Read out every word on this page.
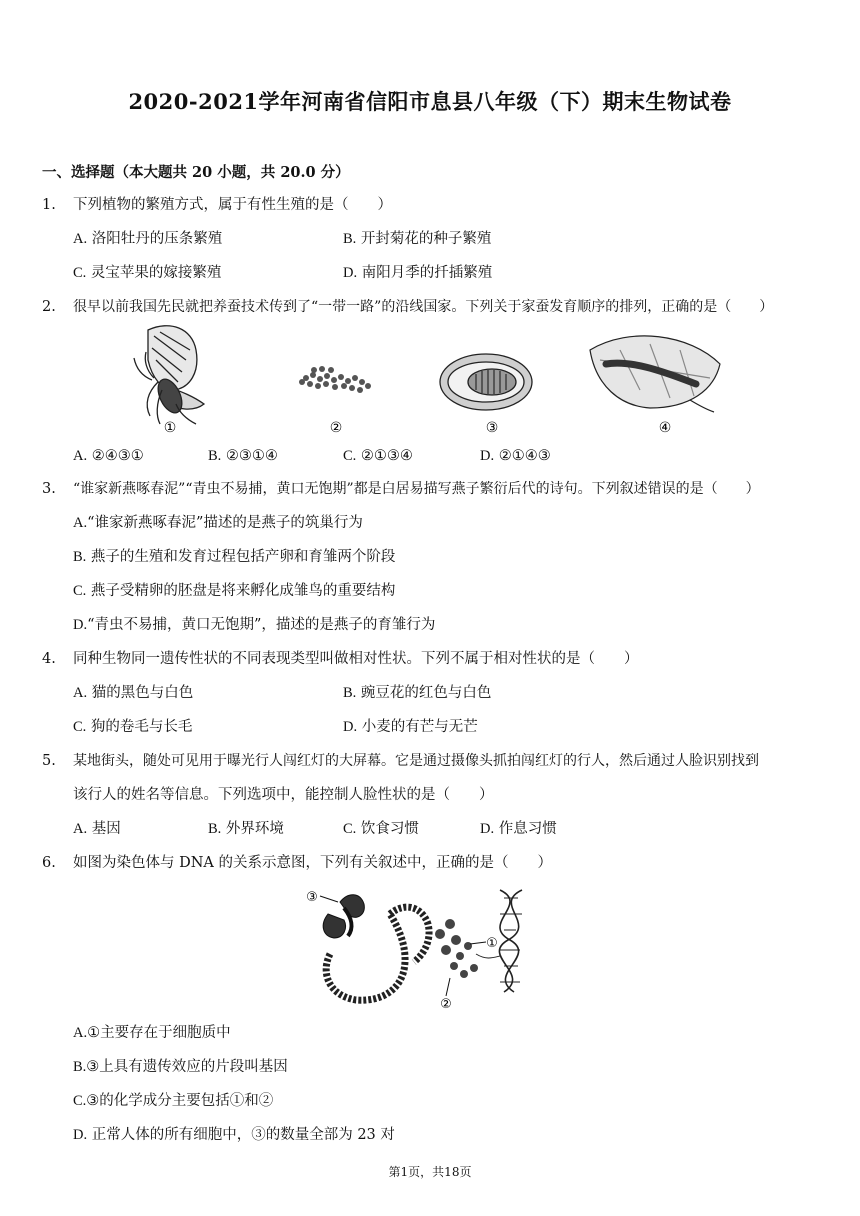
2020-2021学年河南省信阳市息县八年级（下）期末生物试卷
一、选择题（本大题共 20 小题，共 20.0 分）
1. 下列植物的繁殖方式，属于有性生殖的是（　　）
A. 洛阳牡丹的压条繁殖	B. 开封菊花的种子繁殖
C. 灵宝苹果的嫁接繁殖	D. 南阳月季的扦插繁殖
2. 很早以前我国先民就把养蚕技术传到了“一带一路”的沿线国家。下列关于家蚕发育顺序的排列，正确的是（　　）
①	②	③	④
A. ②④③①	B. ②③①④	C. ②①③④	D. ②①④③
3. “谁家新燕啄春泥”“青虫不易捕，黄口无饱期”都是白居易描写燕子繁衍后代的诗句。下列叙述错误的是（　　）
A.“谁家新燕啄春泥”描述的是燕子的筑巢行为
B. 燕子的生殖和发育过程包括产卵和育雏两个阶段
C. 燕子受精卵的胚盘是将来孵化成雏鸟的重要结构
D.“青虫不易捕，黄口无饱期”，描述的是燕子的育雏行为
4. 同种生物同一遗传性状的不同表现类型叫做相对性状。下列不属于相对性状的是（　　）
A. 猫的黑色与白色	B. 豌豆花的红色与白色
C. 狗的卷毛与长毛	D. 小麦的有芒与无芒
5. 某地街头，随处可见用于曝光行人闯红灯的大屏幕。它是通过摄像头抓拍闯红灯的行人，然后通过人脸识别找到
该行人的姓名等信息。下列选项中，能控制人脸性状的是（　　）
A. 基因	B. 外界环境	C. 饮食习惯	D. 作息习惯
6. 如图为染色体与 DNA 的关系示意图，下列有关叙述中，正确的是（　　）
③
①
②
A.①主要存在于细胞质中
B.③上具有遗传效应的片段叫基因
C.③的化学成分主要包括①和②
D. 正常人体的所有细胞中，③的数量全部为 23 对
第1页，共18页
